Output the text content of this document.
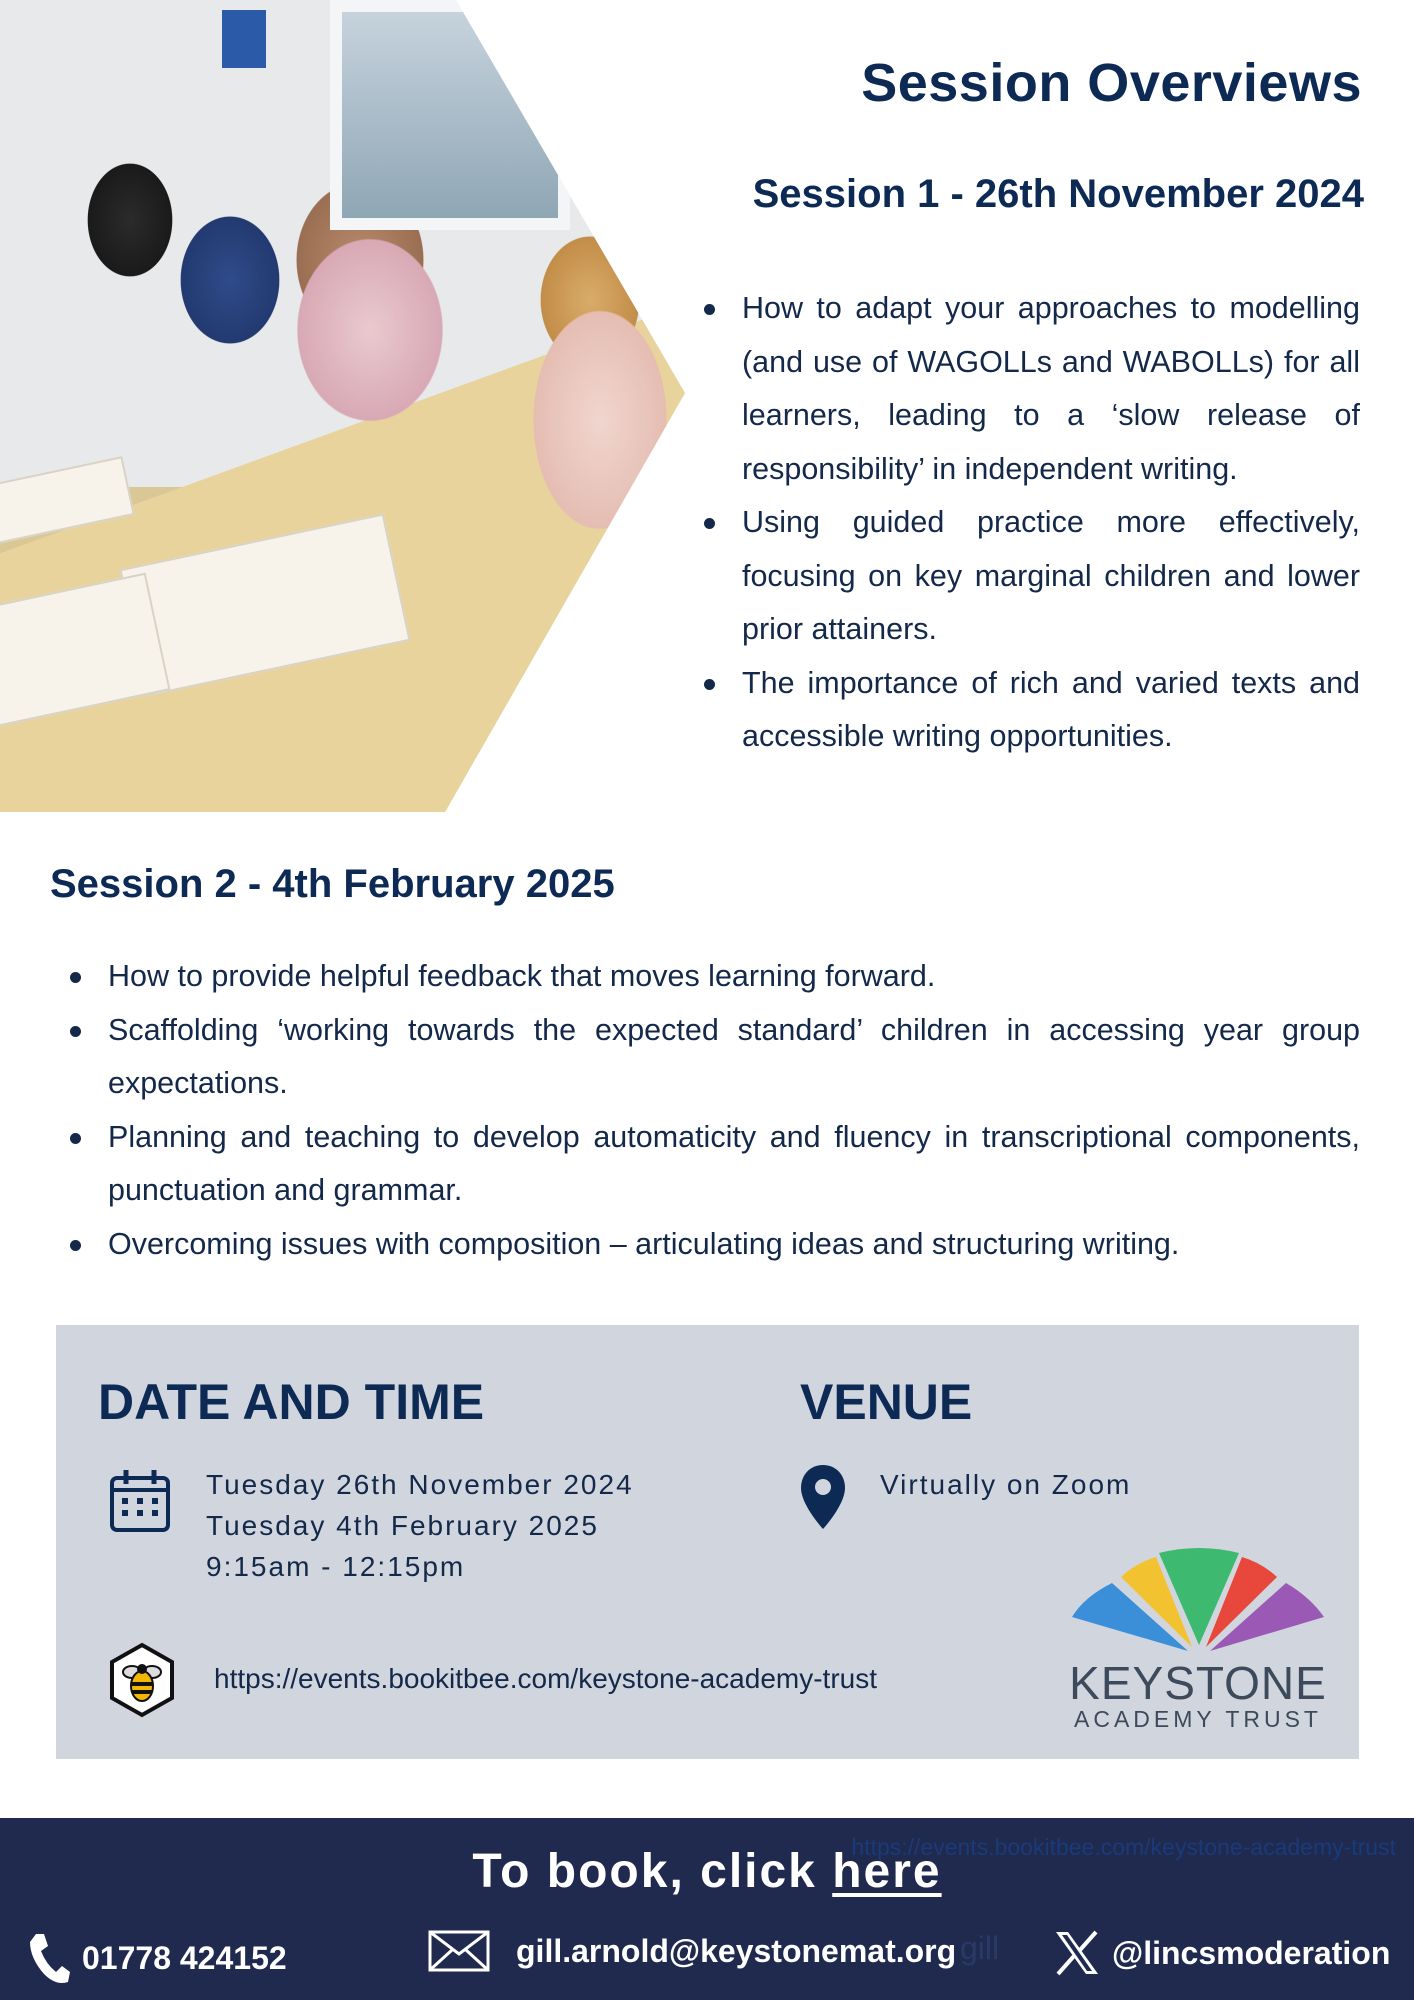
Session Overviews
Session 1 - 26th November 2024
How to adapt your approaches to modelling (and use of WAGOLLs and WABOLLs) for all learners, leading to a ‘slow release of responsibility’ in independent writing.
Using guided practice more effectively, focusing on key marginal children and lower prior attainers.
The importance of rich and varied texts and accessible writing opportunities.
Session 2 - 4th February 2025
How to provide helpful feedback that moves learning forward.
Scaffolding ‘working towards the expected standard’ children in accessing year group expectations.
Planning and teaching to develop automaticity and fluency in transcriptional components, punctuation and grammar.
Overcoming issues with composition – articulating ideas and structuring writing.
DATE AND TIME	VENUE
Tuesday 26th November 2024
Tuesday 4th February 2025
9:15am - 12:15pm
Virtually on Zoom
https://events.bookitbee.com/keystone-academy-trust	KEYSTONE
ACADEMY TRUST
https://events.bookitbee.com/keystone-academy-trust
To book, click here
01778 424152	gill.arnold@keystonemat.org gill	@lincsmoderation
